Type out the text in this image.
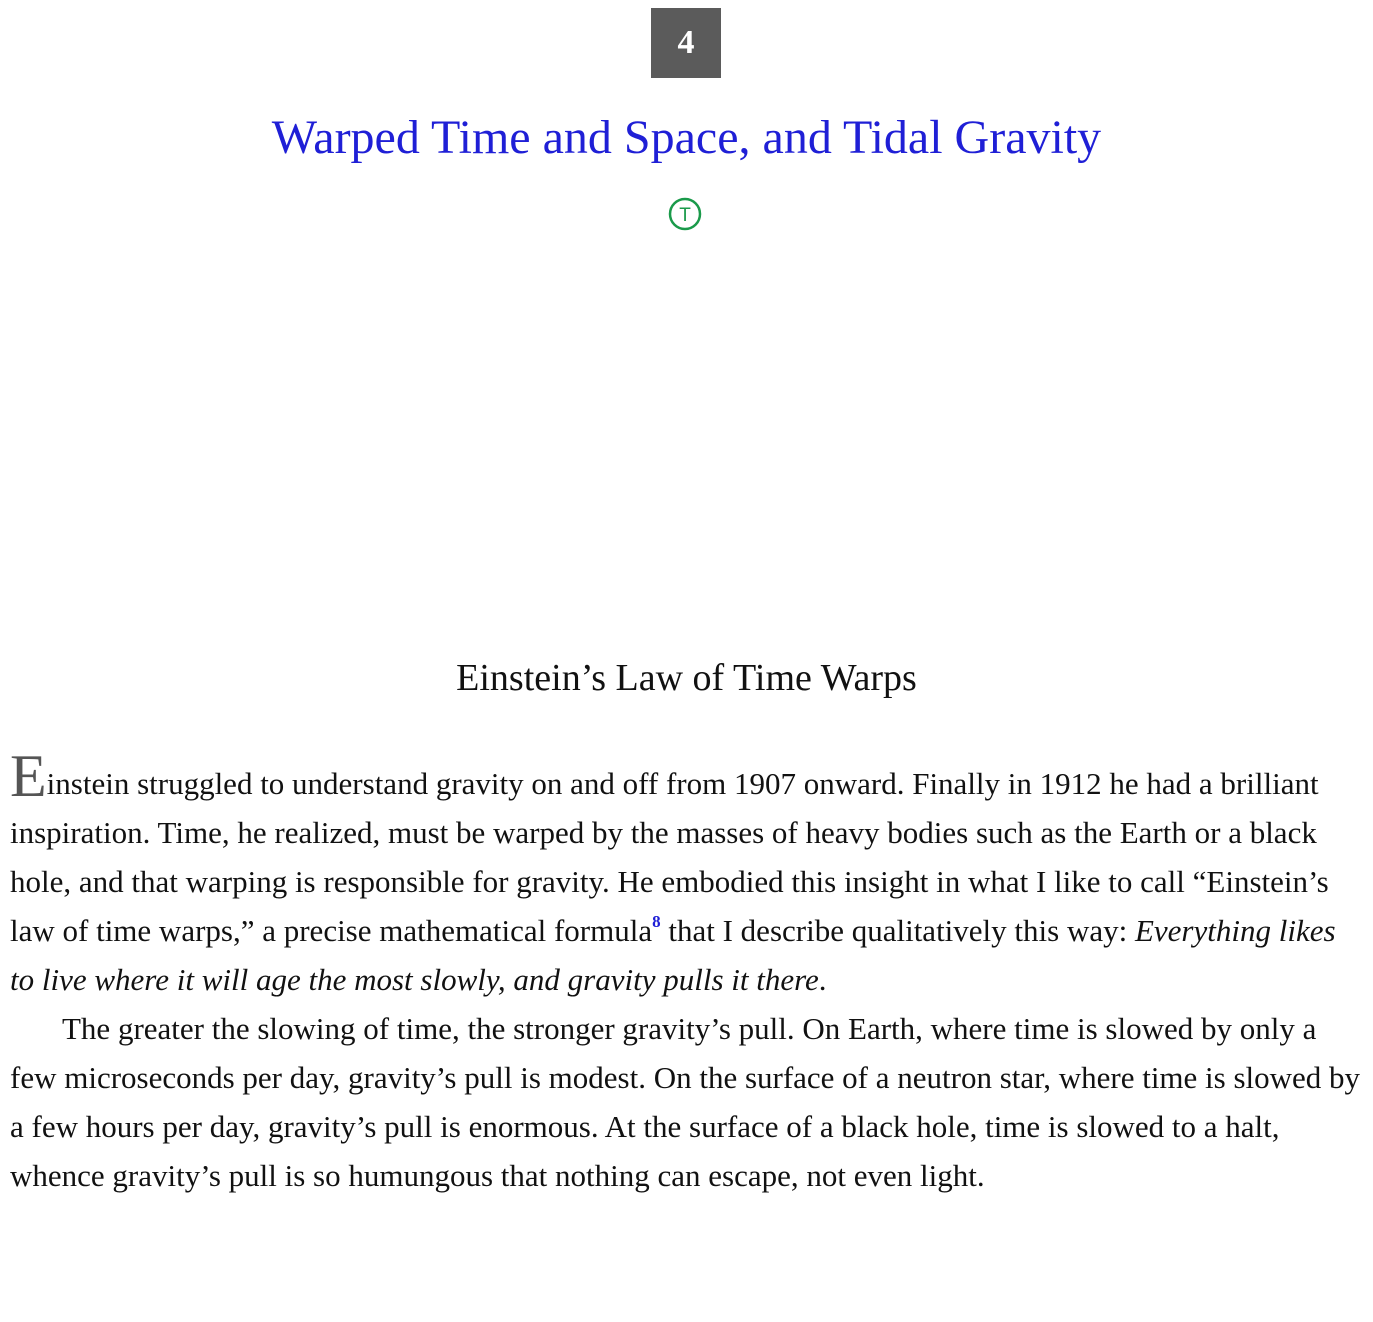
4
Warped Time and Space, and Tidal Gravity
T
Einstein’s Law of Time Warps

Einstein struggled to understand gravity on and off from 1907 onward. Finally in 1912 he had a brilliant inspiration. Time, he realized, must be warped by the masses of heavy bodies such as the Earth or a black hole, and that warping is responsible for gravity. He embodied this insight in what I like to call “Einstein’s law of time warps,” a precise mathematical formula$^8$ that I describe qualitatively this way: Everything likes to live where it will age the most slowly, and gravity pulls it there.

The greater the slowing of time, the stronger gravity’s pull. On Earth, where time is slowed by only a few microseconds per day, gravity’s pull is modest. On the surface of a neutron star, where time is slowed by a few hours per day, gravity’s pull is enormous. At the surface of a black hole, time is slowed to a halt, whence gravity’s pull is so humungous that nothing can escape, not even light.
